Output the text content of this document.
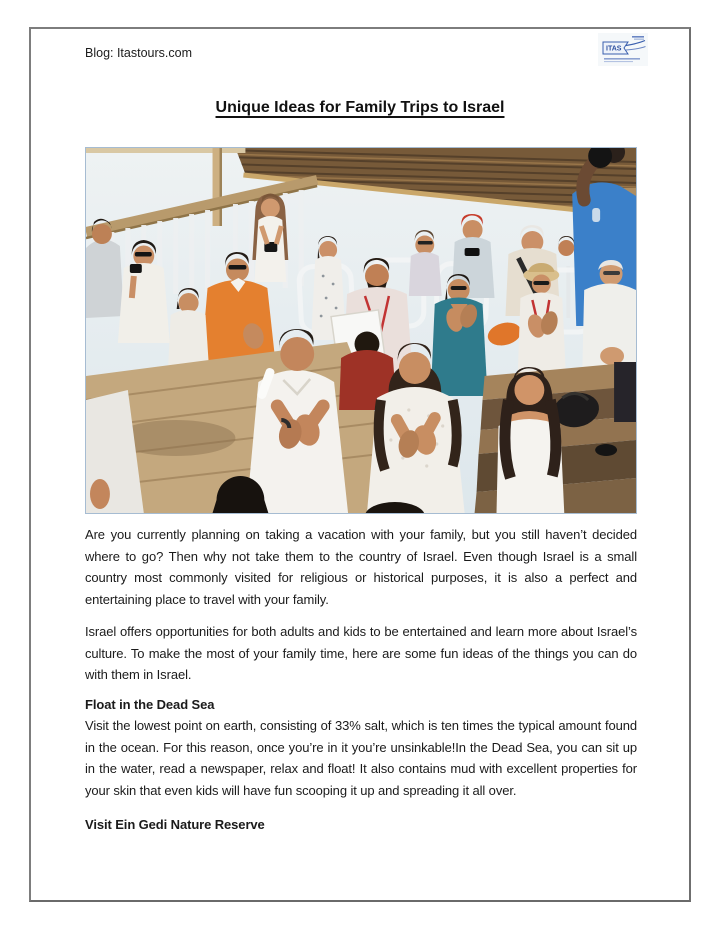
Blog: Itastours.com	ITAS
Unique Ideas for Family Trips to Israel

Are you currently planning on taking a vacation with your family, but you still haven’t decided where to go? Then why not take them to the country of Israel. Even though Israel is a small country most commonly visited for religious or historical purposes, it is also a perfect and entertaining place to travel with your family.

Israel offers opportunities for both adults and kids to be entertained and learn more about Israel’s culture. To make the most of your family time, here are some fun ideas of the things you can do with them in Israel.

Float in the Dead Sea

Visit the lowest point on earth, consisting of 33% salt, which is ten times the typical amount found in the ocean. For this reason, once you’re in it you’re unsinkable!In the Dead Sea, you can sit up in the water, read a newspaper, relax and float! It also contains mud with excellent properties for your skin that even kids will have fun scooping it up and spreading it all over.

Visit Ein Gedi Nature Reserve
